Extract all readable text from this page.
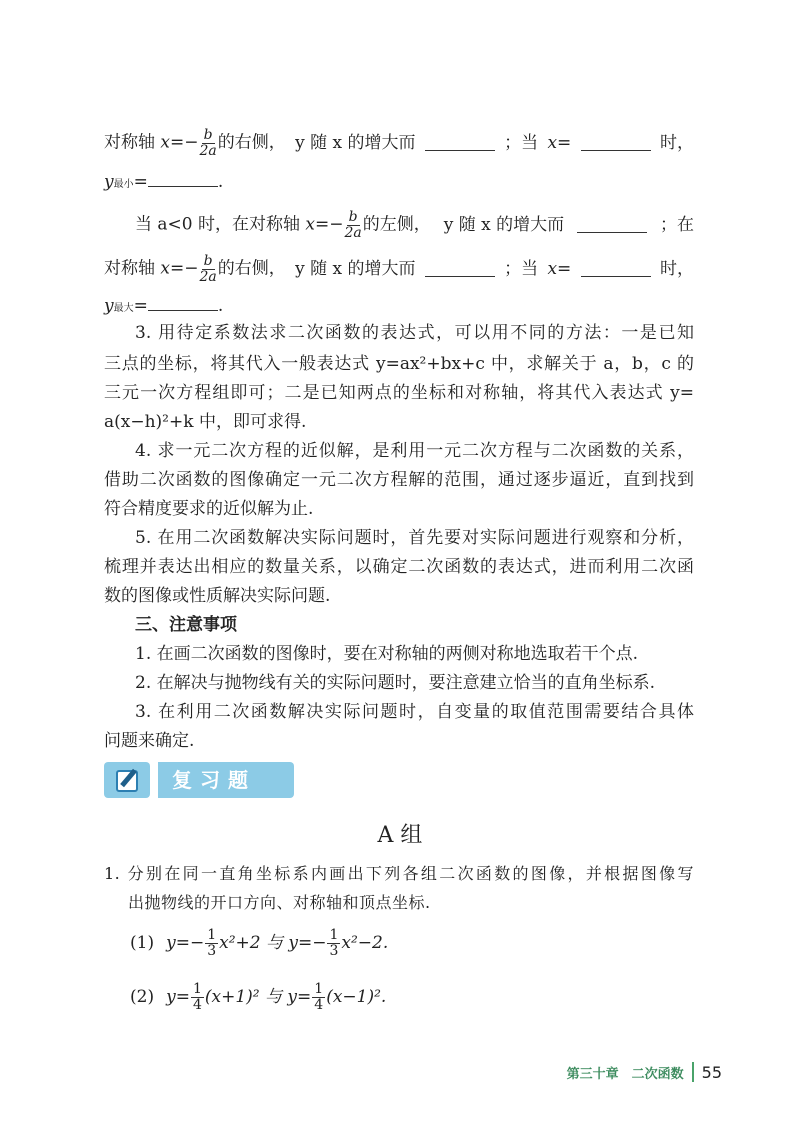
对称轴 $x=- \frac{b}{2a}$ 的右侧， y 随 x 的增大而	；当 x=	时，
y最小=	.
当 a<0 时，在对称轴 $x=- \frac{b}{2a}$ 的左侧， y 随 x 的增大而	；在
对称轴 $x=- \frac{b}{2a}$ 的右侧， y 随 x 的增大而	；当 x=	时，
y最大=	.
3. 用待定系数法求二次函数的表达式，可以用不同的方法：一是已知
三点的坐标，将其代入一般表达式 y=ax²+bx+c 中，求解关于 a，b，c 的
三元一次方程组即可；二是已知两点的坐标和对称轴，将其代入表达式 y=
a(x−h)²+k 中，即可求得.
4. 求一元二次方程的近似解，是利用一元二次方程与二次函数的关系，
借助二次函数的图像确定一元二次方程解的范围，通过逐步逼近，直到找到
符合精度要求的近似解为止.
5. 在用二次函数解决实际问题时，首先要对实际问题进行观察和分析，
梳理并表达出相应的数量关系，以确定二次函数的表达式，进而利用二次函
数的图像或性质解决实际问题.
三、注意事项
1. 在画二次函数的图像时，要在对称轴的两侧对称地选取若干个点.
2. 在解决与抛物线有关的实际问题时，要注意建立恰当的直角坐标系.
3. 在利用二次函数解决实际问题时，自变量的取值范围需要结合具体
问题来确定.
复习题
A 组
1. 分别在同一直角坐标系内画出下列各组二次函数的图像，并根据图像写
出抛物线的开口方向、对称轴和顶点坐标.
(1) $y=- \frac{1}{3} x^2+2$ 与 $y=- \frac{1}{3} x^2-2$.
(2) $y= \frac{1}{4} (x+1)^2$ 与 $y= \frac{1}{4} (x-1)^2$.
第三十章　二次函数 55
